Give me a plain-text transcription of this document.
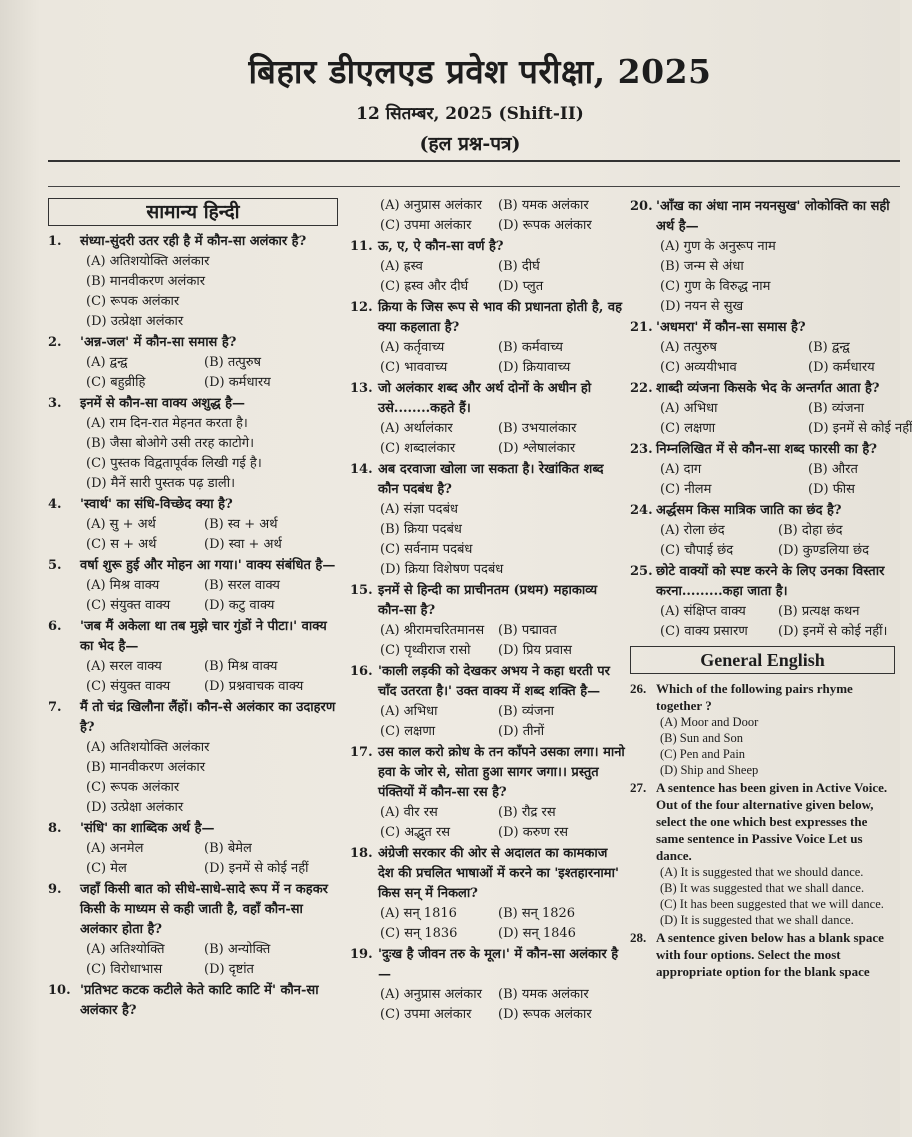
बिहार डीएलएड प्रवेश परीक्षा, 2025
12 सितम्बर, 2025 (Shift-II)
(हल प्रश्न-पत्र)
सामान्य हिन्दी
1.	संध्या-सुंदरी उतर रही है में कौन-सा अलंकार है?
(A) अतिशयोक्ति अलंकार
(B) मानवीकरण अलंकार
(C) रूपक अलंकार
(D) उत्प्रेक्षा अलंकार
2.	'अन्न-जल' में कौन-सा समास है?
(A) द्वन्द्व	(B) तत्पुरुष
(C) बहुव्रीहि	(D) कर्मधारय
3.	इनमें से कौन-सा वाक्य अशुद्ध है—
(A) राम दिन-रात मेहनत करता है।
(B) जैसा बोओगे उसी तरह काटोगे।
(C) पुस्तक विद्वतापूर्वक लिखी गई है।
(D) मैनें सारी पुस्तक पढ़ डाली।
4.	'स्वार्थ' का संधि-विच्छेद क्या है?
(A) सु + अर्थ	(B) स्व + अर्थ
(C) स + अर्थ	(D) स्वा + अर्थ
5.	वर्षा शुरू हुई और मोहन आ गया।' वाक्य संबंधित है—
(A) मिश्र वाक्य	(B) सरल वाक्य
(C) संयुक्त वाक्य	(D) कटु वाक्य
6.	'जब मैं अकेला था तब मुझे चार गुंडों ने पीटा।' वाक्य का भेद है—
(A) सरल वाक्य	(B) मिश्र वाक्य
(C) संयुक्त वाक्य	(D) प्रश्नवाचक वाक्य
7.	मैं तो चंद्र खिलौना लैंहों। कौन-से अलंकार का उदाहरण है?
(A) अतिशयोक्ति अलंकार
(B) मानवीकरण अलंकार
(C) रूपक अलंकार
(D) उत्प्रेक्षा अलंकार
8.	'संधि' का शाब्दिक अर्थ है—
(A) अनमेल	(B) बेमेल
(C) मेल	(D) इनमें से कोई नहीं
9.	जहाँ किसी बात को सीधे-साधे-सादे रूप में न कहकर किसी के माध्यम से कही जाती है, वहाँ कौन-सा अलंकार होता है?
(A) अतिश्योक्ति	(B) अन्योक्ति
(C) विरोधाभास	(D) दृष्टांत
10. 'प्रतिभट कटक कटीले केते काटि काटि में' कौन-सा अलंकार है?
(A) अनुप्रास अलंकार	(B) यमक अलंकार
(C) उपमा अलंकार	(D) रूपक अलंकार
11. ऊ, ए, ऐ कौन-सा वर्ण है?
(A) ह्रस्व	(B) दीर्घ
(C) ह्रस्व और दीर्घ	(D) प्लुत
12. क्रिया के जिस रूप से भाव की प्रधानता होती है, वह क्या कहलाता है?
(A) कर्तृवाच्य	(B) कर्मवाच्य
(C) भाववाच्य	(D) क्रियावाच्य
13. जो अलंकार शब्द और अर्थ दोनों के अधीन हो उसे........कहते हैं।
(A) अर्थालंकार	(B) उभयालंकार
(C) शब्दालंकार	(D) श्लेषालंकार
14. अब दरवाजा खोला जा सकता है। रेखांकित शब्द कौन पदबंध है?
(A) संज्ञा पदबंध
(B) क्रिया पदबंध
(C) सर्वनाम पदबंध
(D) क्रिया विशेषण पदबंध
15. इनमें से हिन्दी का प्राचीनतम (प्रथम) महाकाव्य कौन-सा है?
(A) श्रीरामचरितमानस	(B) पद्मावत
(C) पृथ्वीराज रासो	(D) प्रिय प्रवास
16. 'काली लड़की को देखकर अभय ने कहा धरती पर चाँद उतरता है।' उक्त वाक्य में शब्द शक्ति है—
(A) अभिधा	(B) व्यंजना
(C) लक्षणा	(D) तीनों
17. उस काल करो क्रोध के तन काँपने उसका लगा। मानो हवा के जोर से, सोता हुआ सागर जगा।। प्रस्तुत पंक्तियों में कौन-सा रस है?
(A) वीर रस	(B) रौद्र रस
(C) अद्भुत रस	(D) करुण रस
18. अंग्रेजी सरकार की ओर से अदालत का कामकाज देश की प्रचलित भाषाओं में करने का 'इश्तहारनामा' किस सन् में निकला?
(A) सन् 1816	(B) सन् 1826
(C) सन् 1836	(D) सन् 1846
19. 'दुःख है जीवन तरु के मूल।' में कौन-सा अलंकार है—
(A) अनुप्रास अलंकार	(B) यमक अलंकार
(C) उपमा अलंकार	(D) रूपक अलंकार
20. 'आँख का अंधा नाम नयनसुख' लोकोक्ति का सही अर्थ है—
(A) गुण के अनुरूप नाम
(B) जन्म से अंधा
(C) गुण के विरुद्ध नाम
(D) नयन से सुख
21. 'अधमरा' में कौन-सा समास है?
(A) तत्पुरुष	(B) द्वन्द्व
(C) अव्ययीभाव	(D) कर्मधारय
22. शाब्दी व्यंजना किसके भेद के अन्तर्गत आता है?
(A) अभिधा	(B) व्यंजना
(C) लक्षणा	(D) इनमें से कोई नहीं
23. निम्नलिखित में से कौन-सा शब्द फारसी का है?
(A) दाग	(B) औरत
(C) नीलम	(D) फीस
24. अर्द्धसम किस मात्रिक जाति का छंद है?
(A) रोला छंद	(B) दोहा छंद
(C) चौपाई छंद	(D) कुण्डलिया छंद
25. छोटे वाक्यों को स्पष्ट करने के लिए उनका विस्तार करना.........कहा जाता है।
(A) संक्षिप्त वाक्य	(B) प्रत्यक्ष कथन
(C) वाक्य प्रसारण	(D) इनमें से कोई नहीं।
General English
26. Which of the following pairs rhyme together ?
(A) Moor and Door
(B) Sun and Son
(C) Pen and Pain
(D) Ship and Sheep
27. A sentence has been given in Active Voice. Out of the four alternative given below, select the one which best expresses the same sentence in Passive Voice Let us dance.
(A) It is suggested that we should dance.
(B) It was suggested that we shall dance.
(C) It has been suggested that we will dance.
(D) It is suggested that we shall dance.
28. A sentence given below has a blank space with four options. Select the most appropriate option for the blank space
